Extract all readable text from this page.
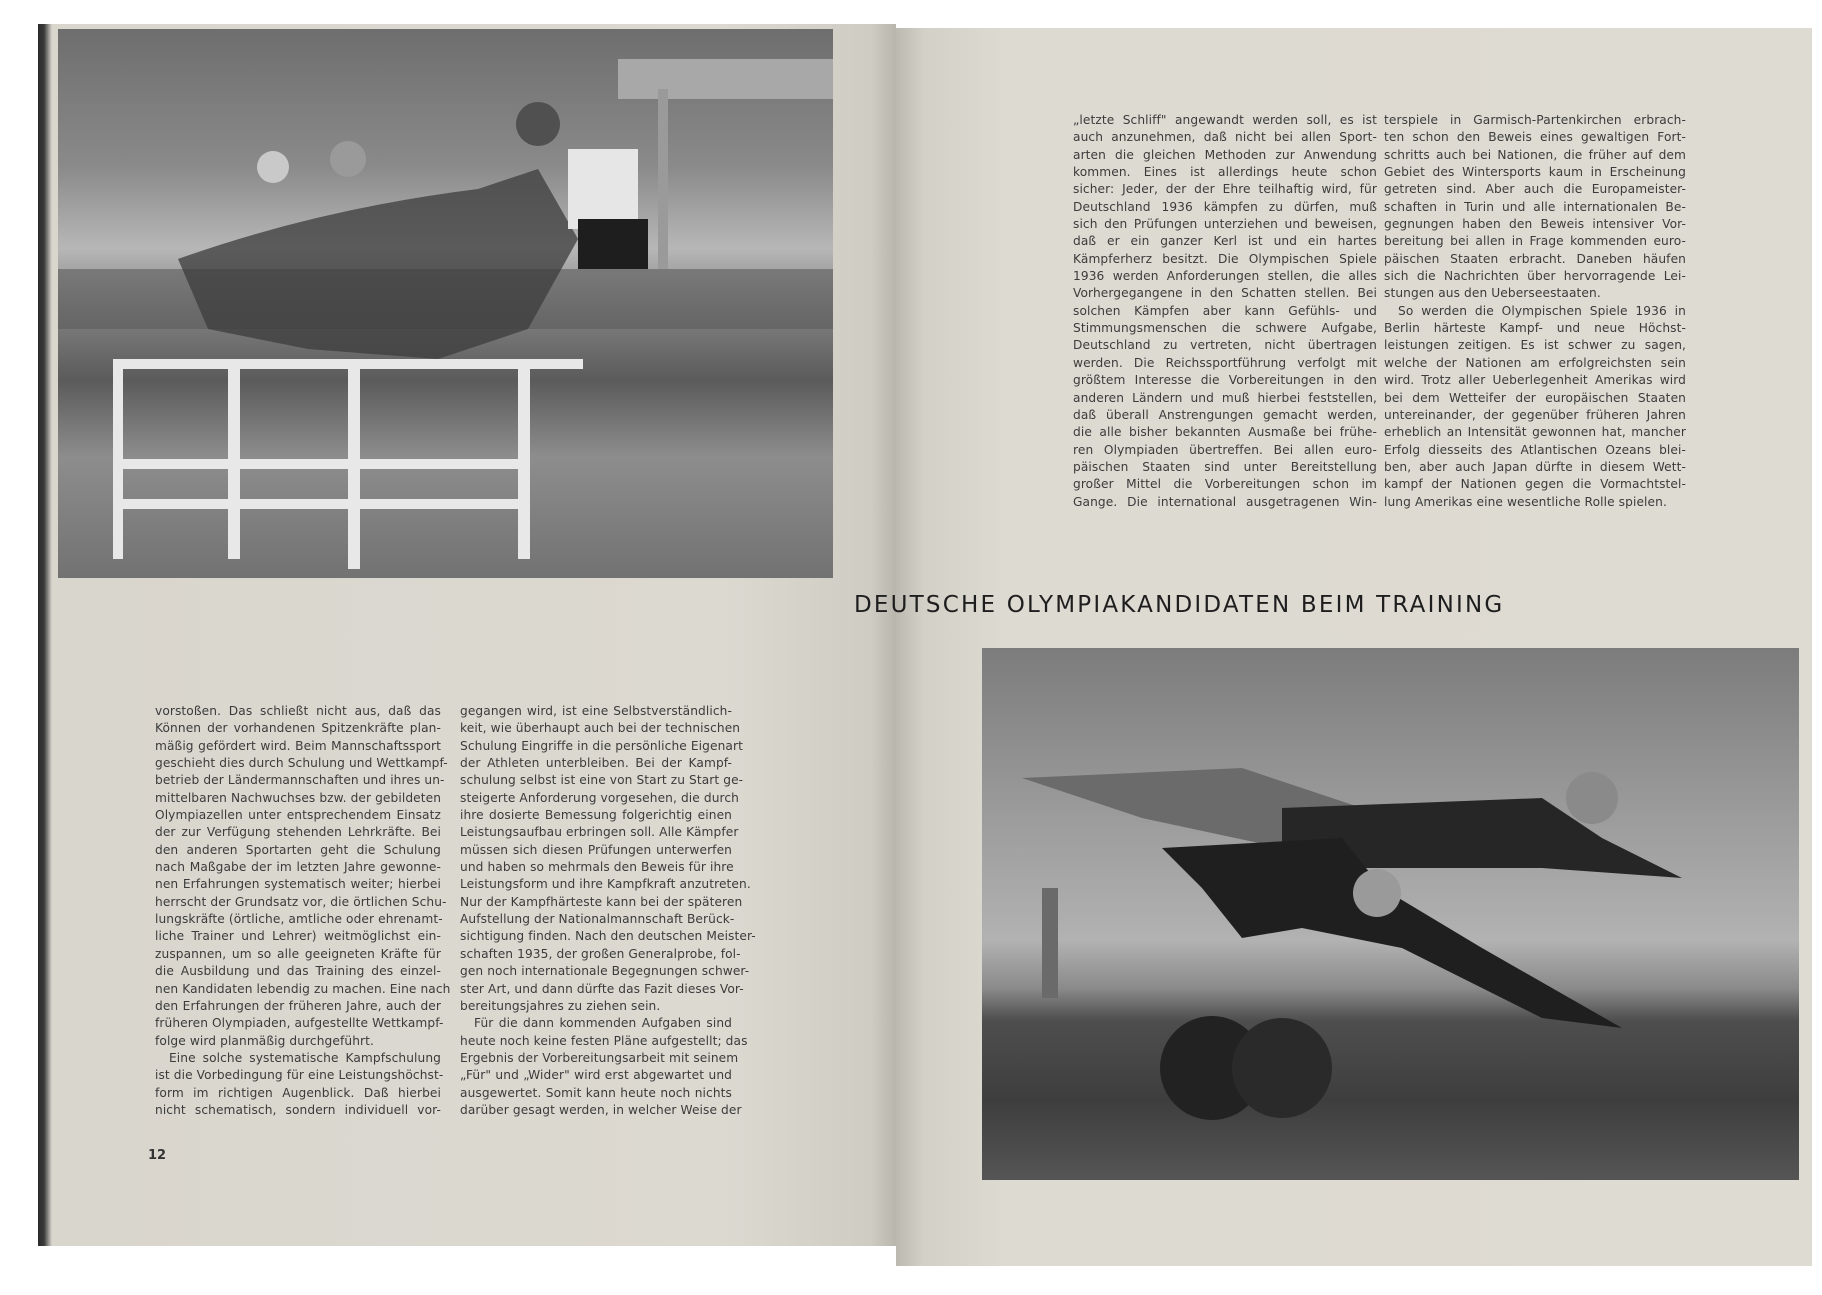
DEUTSCHE OLYMPIAKANDIDATEN BEIM TRAINING
„letzte Schliff" angewandt werden soll, es ist
auch anzunehmen, daß nicht bei allen Sport-
arten die gleichen Methoden zur Anwendung
kommen. Eines ist allerdings heute schon
sicher: Jeder, der der Ehre teilhaftig wird, für
Deutschland 1936 kämpfen zu dürfen, muß
sich den Prüfungen unterziehen und beweisen,
daß er ein ganzer Kerl ist und ein hartes
Kämpferherz besitzt. Die Olympischen Spiele
1936 werden Anforderungen stellen, die alles
Vorhergegangene in den Schatten stellen. Bei
solchen Kämpfen aber kann Gefühls- und
Stimmungsmenschen die schwere Aufgabe,
Deutschland zu vertreten, nicht übertragen
werden. Die Reichssportführung verfolgt mit
größtem Interesse die Vorbereitungen in den
anderen Ländern und muß hierbei feststellen,
daß überall Anstrengungen gemacht werden,
die alle bisher bekannten Ausmaße bei frühe-
ren Olympiaden übertreffen. Bei allen euro-
päischen Staaten sind unter Bereitstellung
großer Mittel die Vorbereitungen schon im
Gange. Die international ausgetragenen Win-
terspiele in Garmisch-Partenkirchen erbrach-
ten schon den Beweis eines gewaltigen Fort-
schritts auch bei Nationen, die früher auf dem
Gebiet des Wintersports kaum in Erscheinung
getreten sind. Aber auch die Europameister-
schaften in Turin und alle internationalen Be-
gegnungen haben den Beweis intensiver Vor-
bereitung bei allen in Frage kommenden euro-
päischen Staaten erbracht. Daneben häufen
sich die Nachrichten über hervorragende Lei-
stungen aus den Ueberseestaaten.
So werden die Olympischen Spiele 1936 in
Berlin härteste Kampf- und neue Höchst-
leistungen zeitigen. Es ist schwer zu sagen,
welche der Nationen am erfolgreichsten sein
wird. Trotz aller Ueberlegenheit Amerikas wird
bei dem Wetteifer der europäischen Staaten
untereinander, der gegenüber früheren Jahren
erheblich an Intensität gewonnen hat, mancher
Erfolg diesseits des Atlantischen Ozeans blei-
ben, aber auch Japan dürfte in diesem Wett-
kampf der Nationen gegen die Vormachtstel-
lung Amerikas eine wesentliche Rolle spielen.
vorstoßen. Das schließt nicht aus, daß das
Können der vorhandenen Spitzenkräfte plan-
mäßig gefördert wird. Beim Mannschaftssport
geschieht dies durch Schulung und Wettkampf-
betrieb der Ländermannschaften und ihres un-
mittelbaren Nachwuchses bzw. der gebildeten
Olympiazellen unter entsprechendem Einsatz
der zur Verfügung stehenden Lehrkräfte. Bei
den anderen Sportarten geht die Schulung
nach Maßgabe der im letzten Jahre gewonne-
nen Erfahrungen systematisch weiter; hierbei
herrscht der Grundsatz vor, die örtlichen Schu-
lungskräfte (örtliche, amtliche oder ehrenamt-
liche Trainer und Lehrer) weitmöglichst ein-
zuspannen, um so alle geeigneten Kräfte für
die Ausbildung und das Training des einzel-
nen Kandidaten lebendig zu machen. Eine nach
den Erfahrungen der früheren Jahre, auch der
früheren Olympiaden, aufgestellte Wettkampf-
folge wird planmäßig durchgeführt.
Eine solche systematische Kampfschulung
ist die Vorbedingung für eine Leistungshöchst-
form im richtigen Augenblick. Daß hierbei
nicht schematisch, sondern individuell vor-
gegangen wird, ist eine Selbstverständlich-
keit, wie überhaupt auch bei der technischen
Schulung Eingriffe in die persönliche Eigenart
der Athleten unterbleiben. Bei der Kampf-
schulung selbst ist eine von Start zu Start ge-
steigerte Anforderung vorgesehen, die durch
ihre dosierte Bemessung folgerichtig einen
Leistungsaufbau erbringen soll. Alle Kämpfer
müssen sich diesen Prüfungen unterwerfen
und haben so mehrmals den Beweis für ihre
Leistungsform und ihre Kampfkraft anzutreten.
Nur der Kampfhärteste kann bei der späteren
Aufstellung der Nationalmannschaft Berück-
sichtigung finden. Nach den deutschen Meister-
schaften 1935, der großen Generalprobe, fol-
gen noch internationale Begegnungen schwer-
ster Art, und dann dürfte das Fazit dieses Vor-
bereitungsjahres zu ziehen sein.
Für die dann kommenden Aufgaben sind
heute noch keine festen Pläne aufgestellt; das
Ergebnis der Vorbereitungsarbeit mit seinem
„Für" und „Wider" wird erst abgewartet und
ausgewertet. Somit kann heute noch nichts
darüber gesagt werden, in welcher Weise der
12
